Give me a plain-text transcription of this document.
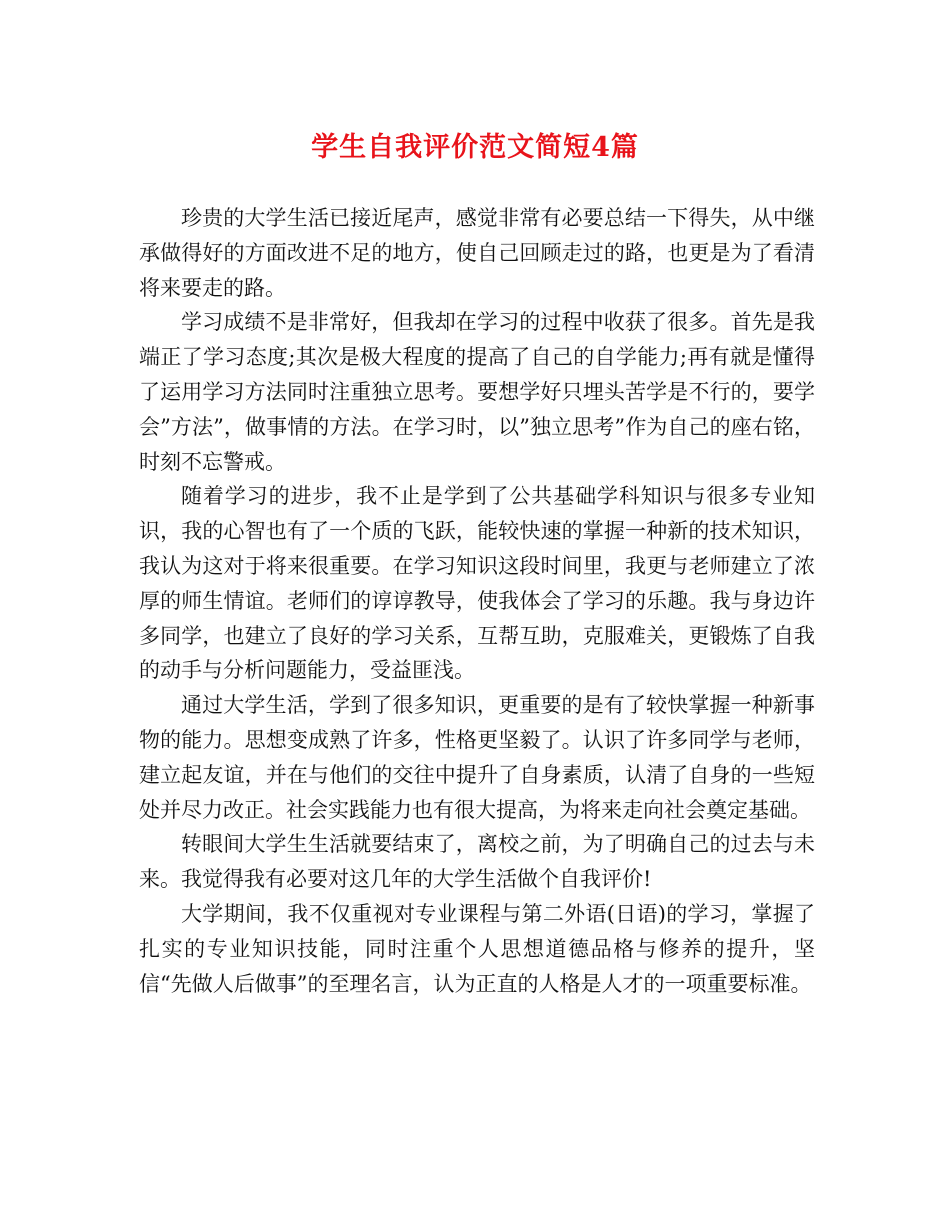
学生自我评价范文简短4篇

珍贵的大学生活已接近尾声，感觉非常有必要总结一下得失，从中继承做得好的方面改进不足的地方，使自己回顾走过的路，也更是为了看清将来要走的路。

学习成绩不是非常好，但我却在学习的过程中收获了很多。首先是我端正了学习态度;其次是极大程度的提高了自己的自学能力;再有就是懂得了运用学习方法同时注重独立思考。要想学好只埋头苦学是不行的，要学会”方法”，做事情的方法。在学习时，以”独立思考”作为自己的座右铭，时刻不忘警戒。

随着学习的进步，我不止是学到了公共基础学科知识与很多专业知识，我的心智也有了一个质的飞跃，能较快速的掌握一种新的技术知识，我认为这对于将来很重要。在学习知识这段时间里，我更与老师建立了浓厚的师生情谊。老师们的谆谆教导，使我体会了学习的乐趣。我与身边许多同学，也建立了良好的学习关系，互帮互助，克服难关，更锻炼了自我的动手与分析问题能力，受益匪浅。

通过大学生活，学到了很多知识，更重要的是有了较快掌握一种新事物的能力。思想变成熟了许多，性格更坚毅了。认识了许多同学与老师，建立起友谊，并在与他们的交往中提升了自身素质，认清了自身的一些短处并尽力改正。社会实践能力也有很大提高，为将来走向社会奠定基础。

转眼间大学生生活就要结束了，离校之前，为了明确自己的过去与未来。我觉得我有必要对这几年的大学生活做个自我评价!

大学期间，我不仅重视对专业课程与第二外语(日语)的学习，掌握了扎实的专业知识技能，同时注重个人思想道德品格与修养的提升，坚信“先做人后做事”的至理名言，认为正直的人格是人才的一项重要标准。
